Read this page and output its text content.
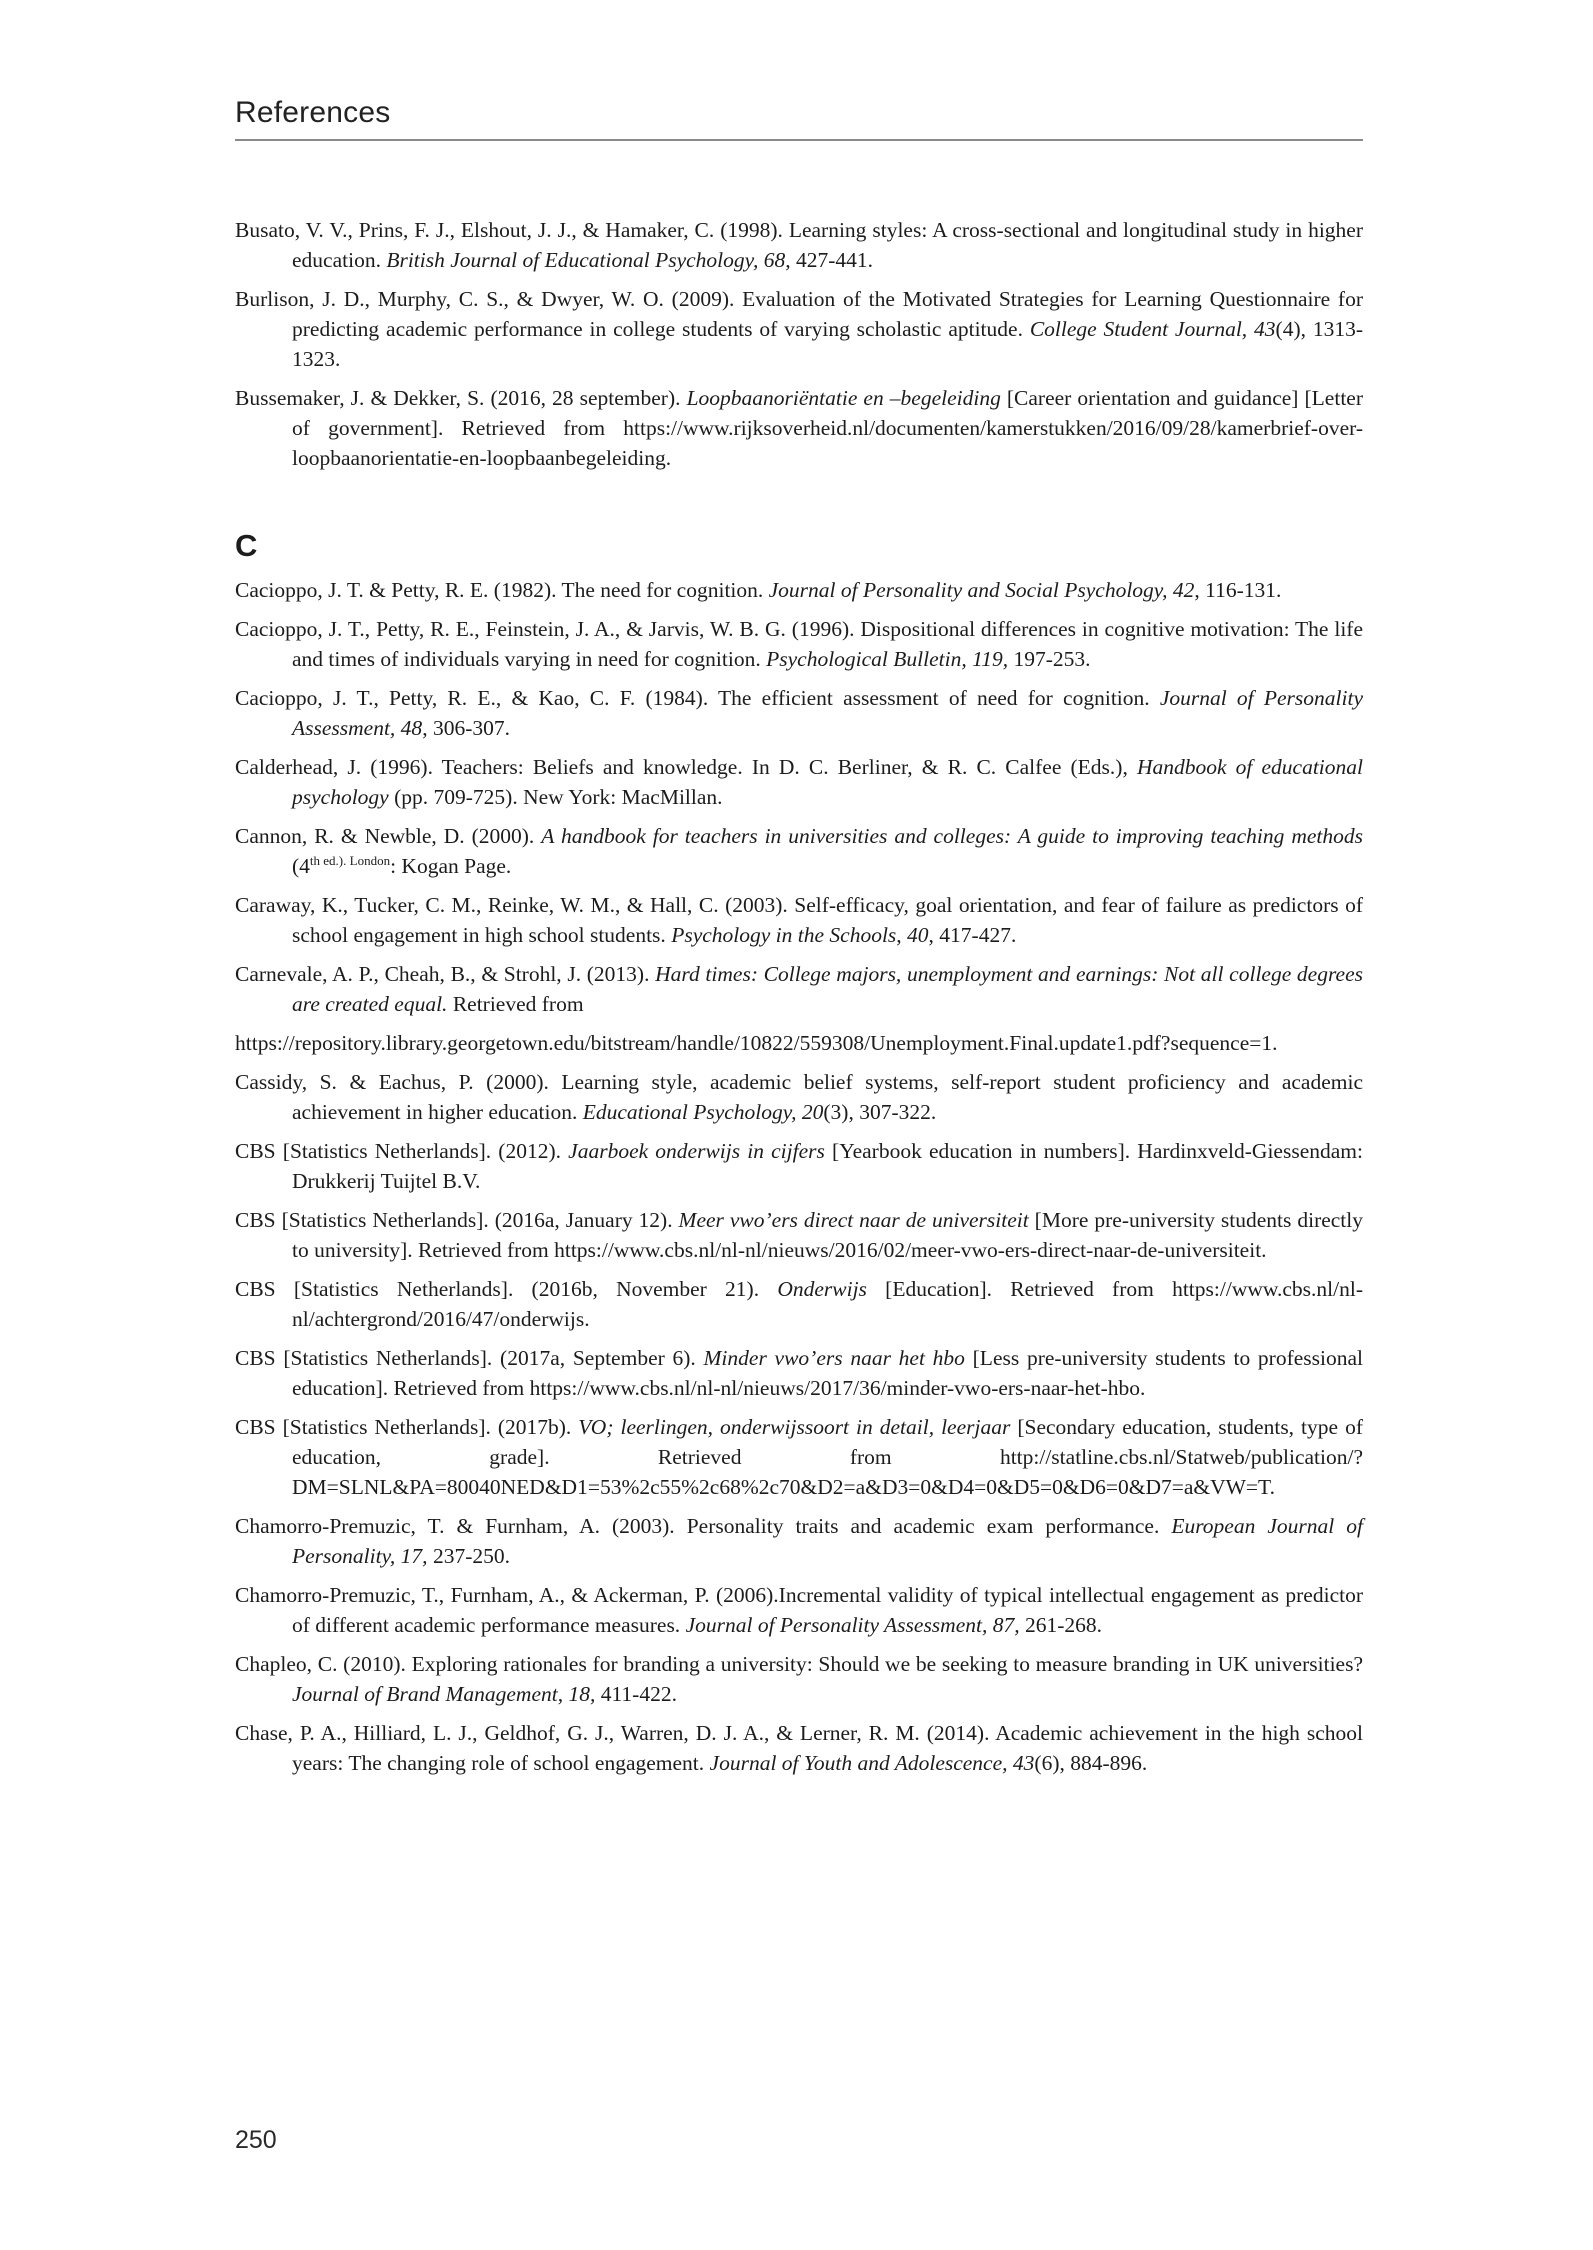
References

Busato, V. V., Prins, F. J., Elshout, J. J., & Hamaker, C. (1998). Learning styles: A cross-sectional and longitudinal study in higher education. British Journal of Educational Psychology, 68, 427-441.

Burlison, J. D., Murphy, C. S., & Dwyer, W. O. (2009). Evaluation of the Motivated Strategies for Learning Questionnaire for predicting academic performance in college students of varying scholastic aptitude. College Student Journal, 43(4), 1313-1323.

Bussemaker, J. & Dekker, S. (2016, 28 september). Loopbaanoriëntatie en –begeleiding [Career orientation and guidance] [Letter of government]. Retrieved from https://www.rijksoverheid.nl/documenten/kamerstukken/2016/09/28/kamerbrief-over-loopbaanorientatie-en-loopbaanbegeleiding.

C

Cacioppo, J. T. & Petty, R. E. (1982). The need for cognition. Journal of Personality and Social Psychology, 42, 116-131.

Cacioppo, J. T., Petty, R. E., Feinstein, J. A., & Jarvis, W. B. G. (1996). Dispositional differences in cognitive motivation: The life and times of individuals varying in need for cognition. Psychological Bulletin, 119, 197-253.

Cacioppo, J. T., Petty, R. E., & Kao, C. F. (1984). The efficient assessment of need for cognition. Journal of Personality Assessment, 48, 306-307.

Calderhead, J. (1996). Teachers: Beliefs and knowledge. In D. C. Berliner, & R. C. Calfee (Eds.), Handbook of educational psychology (pp. 709-725). New York: MacMillan.

Cannon, R. & Newble, D. (2000). A handbook for teachers in universities and colleges: A guide to improving teaching methods ($4^{th ed.). London}$: Kogan Page.

Caraway, K., Tucker, C. M., Reinke, W. M., & Hall, C. (2003). Self-efficacy, goal orientation, and fear of failure as predictors of school engagement in high school students. Psychology in the Schools, 40, 417-427.

Carnevale, A. P., Cheah, B., & Strohl, J. (2013). Hard times: College majors, unemployment and earnings: Not all college degrees are created equal. Retrieved from

https://repository.library.georgetown.edu/bitstream/handle/10822/559308/Unemployment.Final.update1.pdf?sequence=1.

Cassidy, S. & Eachus, P. (2000). Learning style, academic belief systems, self-report student proficiency and academic achievement in higher education. Educational Psychology, 20(3), 307-322.

CBS [Statistics Netherlands]. (2012). Jaarboek onderwijs in cijfers [Yearbook education in numbers]. Hardinxveld-Giessendam: Drukkerij Tuijtel B.V.

CBS [Statistics Netherlands]. (2016a, January 12). Meer vwo’ers direct naar de universiteit [More pre-university students directly to university]. Retrieved from https://www.cbs.nl/nl-nl/nieuws/2016/02/meer-vwo-ers-direct-naar-de-universiteit.

CBS [Statistics Netherlands]. (2016b, November 21). Onderwijs [Education]. Retrieved from https://www.cbs.nl/nl-nl/achtergrond/2016/47/onderwijs.

CBS [Statistics Netherlands]. (2017a, September 6). Minder vwo’ers naar het hbo [Less pre-university students to professional education]. Retrieved from https://www.cbs.nl/nl-nl/nieuws/2017/36/minder-vwo-ers-naar-het-hbo.

CBS [Statistics Netherlands]. (2017b). VO; leerlingen, onderwijssoort in detail, leerjaar [Secondary education, students, type of education, grade]. Retrieved from http://statline.cbs.nl/Statweb/publication/?DM=SLNL&PA=80040NED&D1=53%2c55%2c68%2c70&D2=a&D3=0&D4=0&D5=0&D6=0&D7=a&VW=T.

Chamorro-Premuzic, T. & Furnham, A. (2003). Personality traits and academic exam performance. European Journal of Personality, 17, 237-250.

Chamorro-Premuzic, T., Furnham, A., & Ackerman, P. (2006).Incremental validity of typical intellectual engagement as predictor of different academic performance measures. Journal of Personality Assessment, 87, 261-268.

Chapleo, C. (2010). Exploring rationales for branding a university: Should we be seeking to measure branding in UK universities? Journal of Brand Management, 18, 411-422.

Chase, P. A., Hilliard, L. J., Geldhof, G. J., Warren, D. J. A., & Lerner, R. M. (2014). Academic achievement in the high school years: The changing role of school engagement. Journal of Youth and Adolescence, 43(6), 884-896.

250
